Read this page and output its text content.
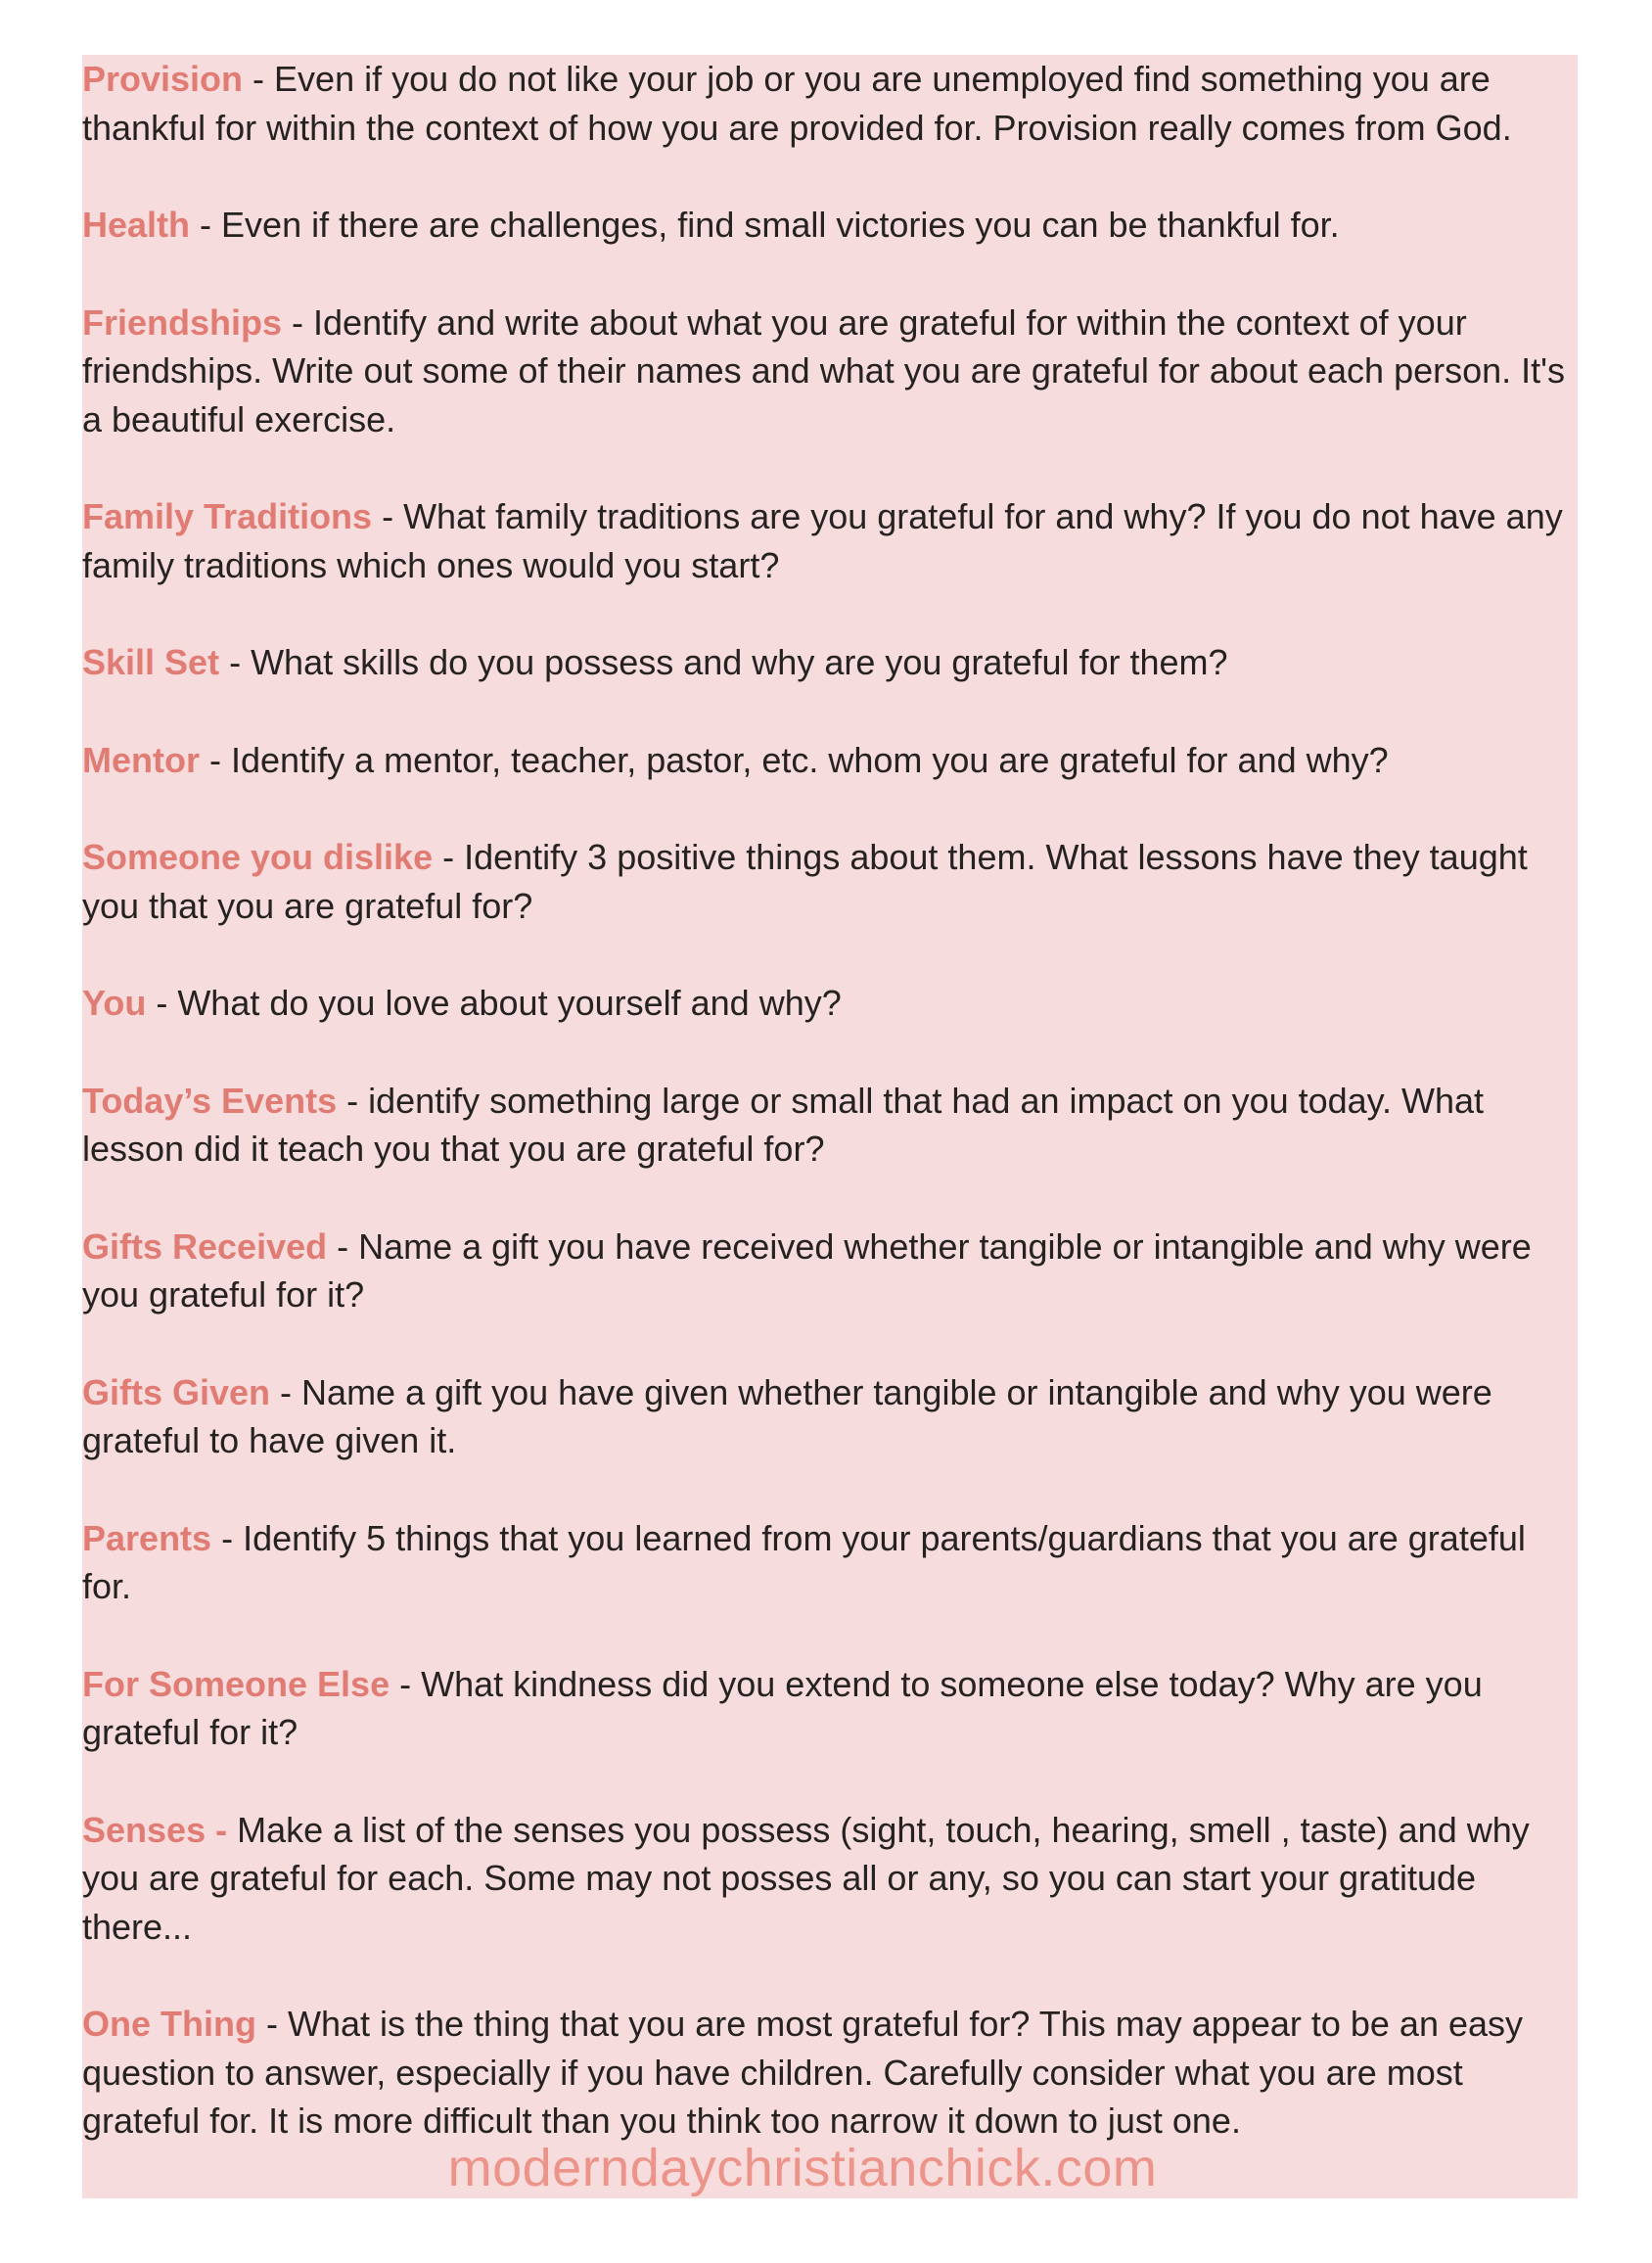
Provision - Even if you do not like your job or you are unemployed find something you are thankful for within the context of how you are provided for. Provision really comes from God.

Health - Even if there are challenges, find small victories you can be thankful for.

Friendships - Identify and write about what you are grateful for within the context of your friendships. Write out some of their names and what you are grateful for about each person. It's a beautiful exercise.

Family Traditions - What family traditions are you grateful for and why? If you do not have any family traditions which ones would you start?

Skill Set - What skills do you possess and why are you grateful for them?

Mentor - Identify a mentor, teacher, pastor, etc. whom you are grateful for and why?

Someone you dislike - Identify 3 positive things about them. What lessons have they taught you that you are grateful for?

You - What do you love about yourself and why?

Today’s Events - identify something large or small that had an impact on you today. What lesson did it teach you that you are grateful for?

Gifts Received - Name a gift you have received whether tangible or intangible and why were you grateful for it?

Gifts Given - Name a gift you have given whether tangible or intangible and why you were grateful to have given it.

Parents - Identify 5 things that you learned from your parents/guardians that you are grateful for.

For Someone Else - What kindness did you extend to someone else today? Why are you grateful for it?

Senses - Make a list of the senses you possess (sight, touch, hearing, smell , taste) and why you are grateful for each. Some may not posses all or any, so you can start your gratitude there...

One Thing - What is the thing that you are most grateful for? This may appear to be an easy question to answer, especially if you have children. Carefully consider what you are most grateful for. It is more difficult than you think too narrow it down to just one.

moderndaychristianchick.com
